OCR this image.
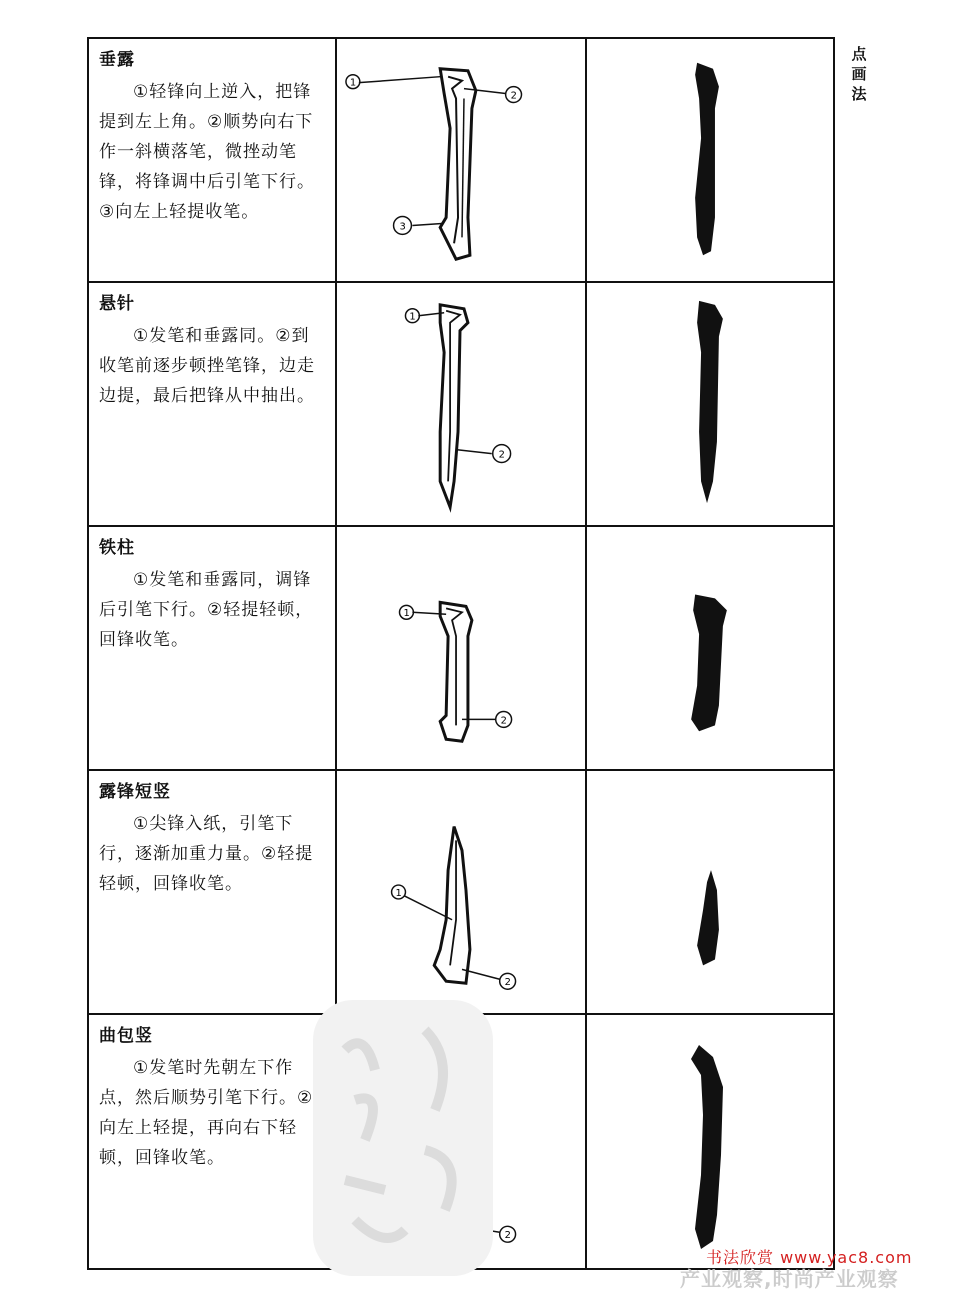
垂露

①轻锋向上逆入，把锋提到左上角。②顺势向右下作一斜横落笔，微挫动笔锋，将锋调中后引笔下行。③向左上轻提收笔。

1
2
3
悬针

①发笔和垂露同。②到收笔前逐步顿挫笔锋，边走边提，最后把锋从中抽出。

1
2
铁柱

①发笔和垂露同，调锋后引笔下行。②轻提轻顿，回锋收笔。

1
2
露锋短竖

①尖锋入纸，引笔下行，逐渐加重力量。②轻提轻顿，回锋收笔。	1
2
曲包竖

①发笔时先朝左下作点，然后顺势引笔下行。②向左上轻提，再向右下轻顿，回锋收笔。

2
点画法
书法欣赏 www.yac8.com
产业观察,时尚产业观察
